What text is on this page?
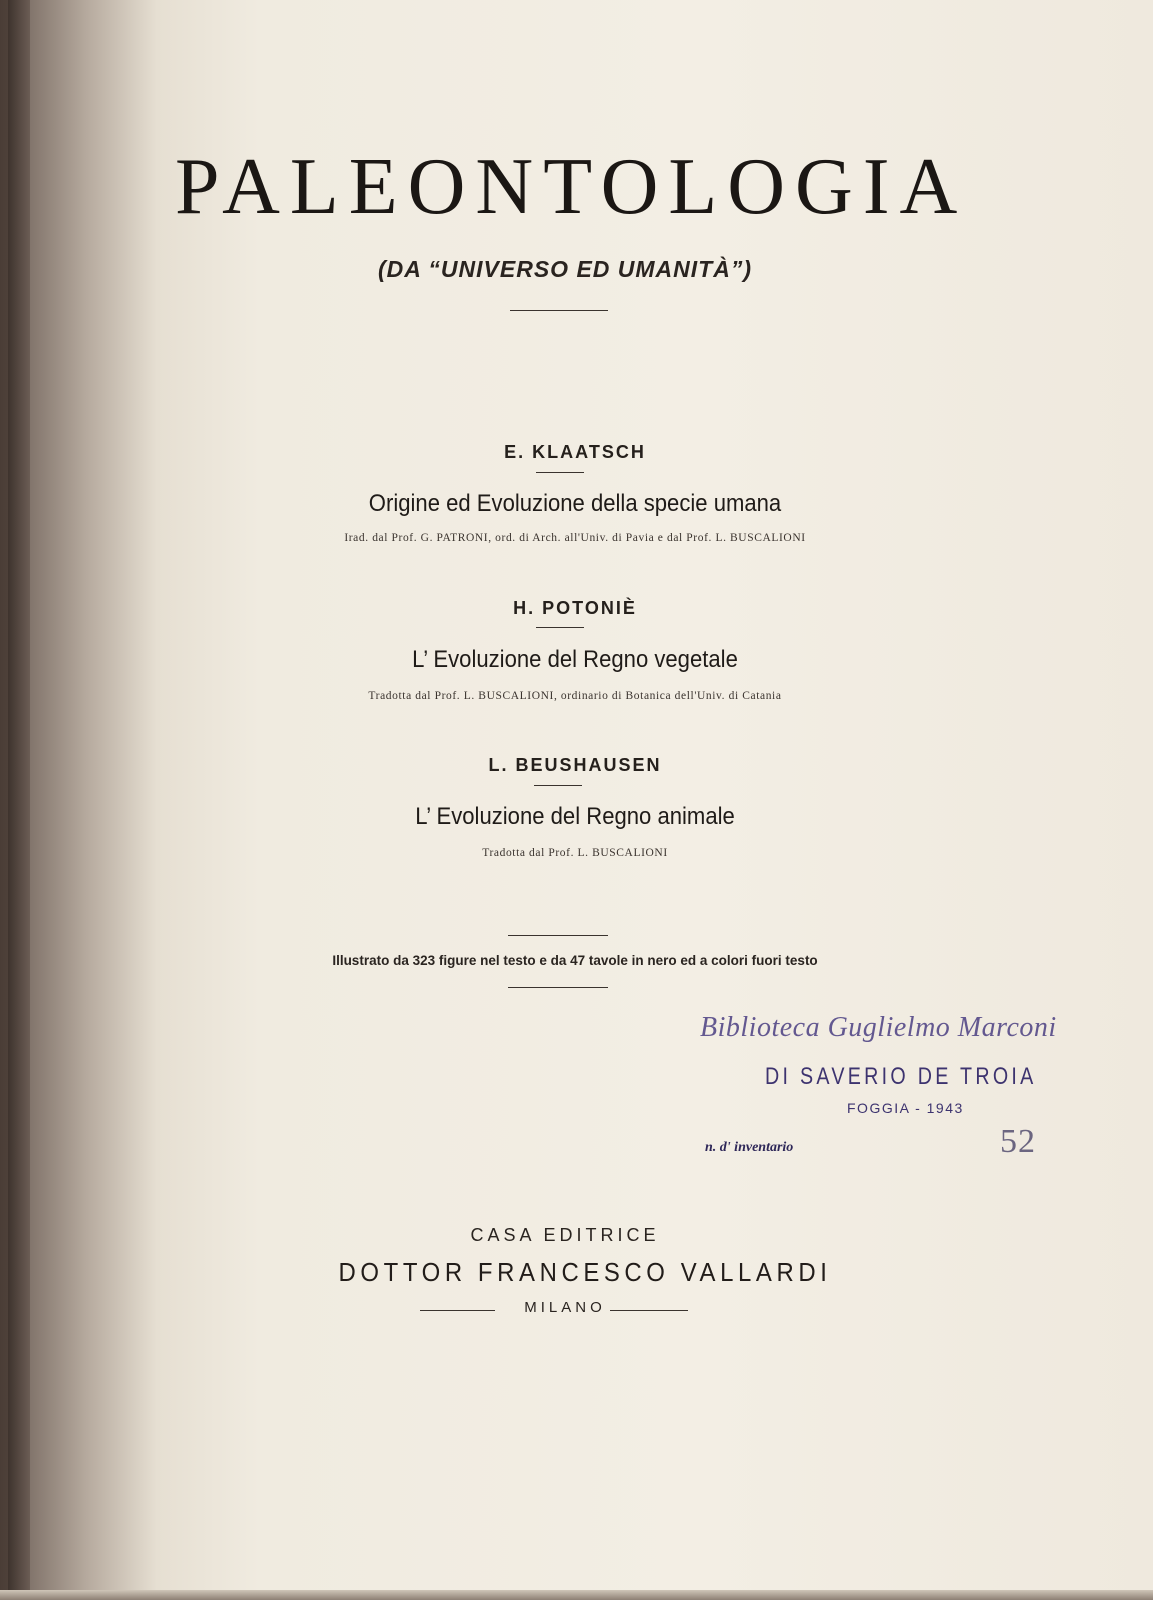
PALEONTOLOGIA
(DA “UNIVERSO ED UMANITÀ”)
E. KLAATSCH
Origine ed Evoluzione della specie umana
Irad. dal Prof. G. PATRONI, ord. di Arch. all'Univ. di Pavia e dal Prof. L. BUSCALIONI
H. POTONIÈ
L’ Evoluzione del Regno vegetale
Tradotta dal Prof. L. BUSCALIONI, ordinario di Botanica dell'Univ. di Catania
L. BEUSHAUSEN
L’ Evoluzione del Regno animale
Tradotta dal Prof. L. BUSCALIONI
Illustrato da 323 figure nel testo e da 47 tavole in nero ed a colori fuori testo
Biblioteca Guglielmo Marconi
DI SAVERIO DE TROIA
FOGGIA - 1943
n. d' inventario	52
CASA EDITRICE
DOTTOR FRANCESCO VALLARDI
MILANO
